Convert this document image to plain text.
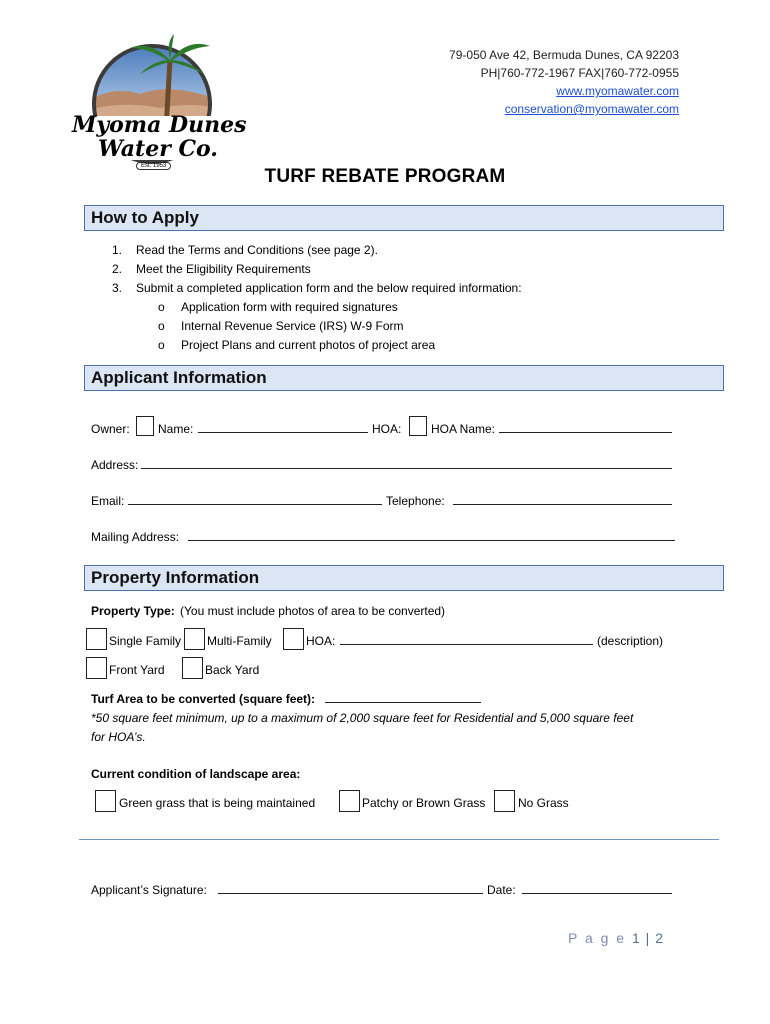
Myoma Dunes
Water Co.
Est. 1953
79-050 Ave 42, Bermuda Dunes, CA 92203
PH|760-772-1967 FAX|760-772-0955
www.myomawater.com
conservation@myomawater.com
TURF REBATE PROGRAM
How to Apply
1. Read the Terms and Conditions (see page 2).
2. Meet the Eligibility Requirements
3. Submit a completed application form and the below required information:
o Application form with required signatures
o Internal Revenue Service (IRS) W-9 Form
o Project Plans and current photos of project area
Applicant Information
Owner: Name:	HOA: HOA Name:
Address:
Email:	Telephone:
Mailing Address:
Property Information
Property Type: (You must include photos of area to be converted)
Single Family Multi-Family	HOA:	(description)
Front Yard	Back Yard
Turf Area to be converted (square feet):
*50 square feet minimum, up to a maximum of 2,000 square feet for Residential and 5,000 square feet
for HOA’s.
Current condition of landscape area:
Green grass that is being maintained	Patchy or Brown Grass	No Grass
Applicant’s Signature:	Date:
P a g e 1 | 2
